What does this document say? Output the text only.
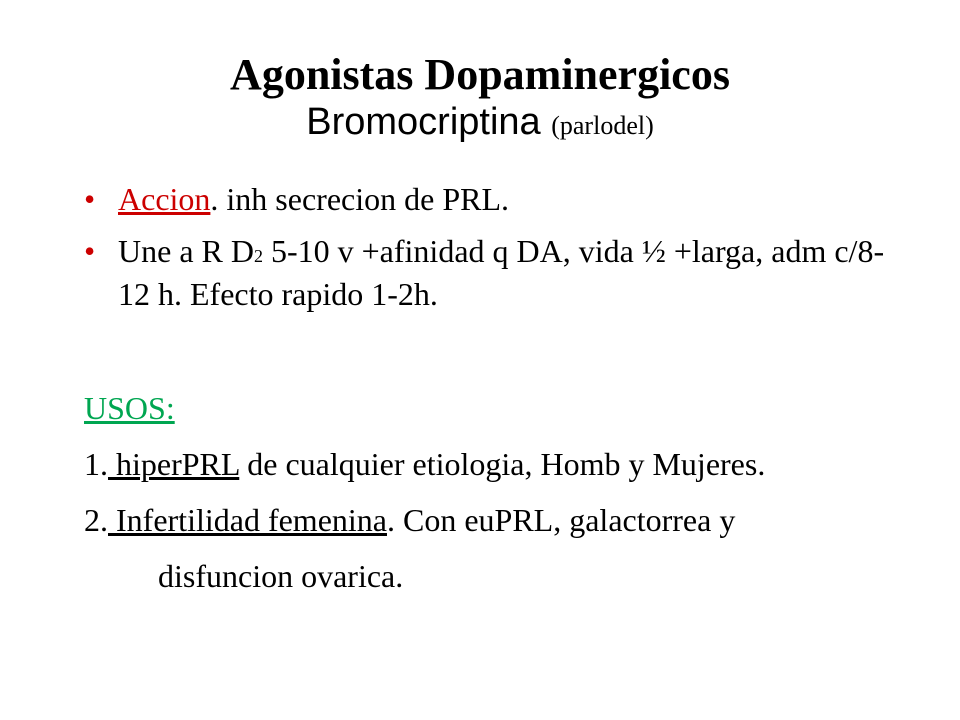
Agonistas Dopaminergicos
Bromocriptina (parlodel)
• Accion. inh secrecion de PRL.
• Une a R D2 5-10 v +afinidad q DA, vida ½ +larga, adm c/8-12 h. Efecto rapido 1-2h.
USOS:
1. hiperPRL de cualquier etiologia, Homb y Mujeres.
2. Infertilidad femenina. Con euPRL, galactorrea y
disfuncion ovarica.
